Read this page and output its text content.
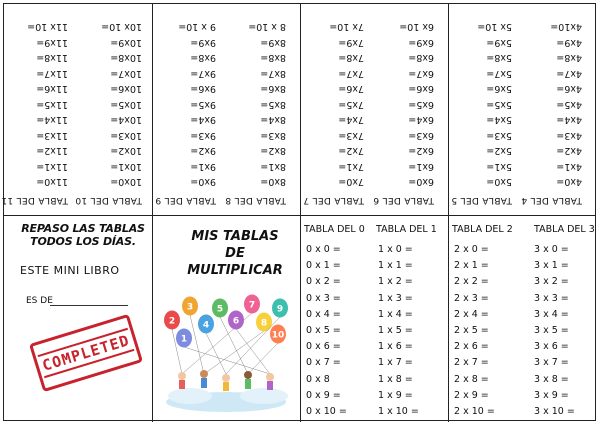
TABLA DEL 4
4x0=
4x1=
4x2=
4x3=
4x4=
4x5=
4x6=
4x7=
4x8=
4x9=
4x10=
TABLA DEL 5
5x0=
5x1=
5x2=
5x3=
5x4=
5x5=
5x6=
5x7=
5x8=
5x9=
5x 10=
TABLA DEL 6
6x0=
6x1=
6x2=
6x3=
6x4=
6x5=
6x6=
6x7=
6x8=
6x9=
6x 10=
TABLA DEL 7
7x0=
7x1=
7x2=
7x3=
7x4=
7x5=
7x6=
7x7=
7x8=
7x9=
7x 10=
TABLA DEL 8
8x0=
8x1=
8x2=
8x3=
8x4=
8x5=
8x6=
8x7=
8x8=
8x9=
8 x 10=
TABLA DEL 9
9x0=
9x1=
9x2=
9x3=
9x4=
9x5=
9x6=
9x7=
9x8=
9x9=
9 x 10=
TABLA DEL 10
10x0=
10x1=
10x2=
10x3=
10x4=
10x5=
10x6=
10x7=
10x8=
10x9=
10x 10=
TABLA DEL 11
11x0=
11x1=
11x2=
11x3=
11x4=
11x5=
11x6=
11x7=
11x8=
11x9=
11x 10=
REPASO LAS TABLAS
TODOS LOS DÍAS.
ESTE MINI LIBRO
ES DE
COMPLETED
MIS TABLAS
DE MULTIPLICAR
2
3
4
5
6
7
8
9
10
1
TABLA DEL 0 TABLA DEL 1
0 x 0 =
0 x 1 =
0 x 2 =
0 x 3 =
0 x 4 =
0 x 5 =
0 x 6 =
0 x 7 =
0 x 8
0 x 9 =
0 x 10 =
1 x 0 =
1 x 1 =
1 x 2 =
1 x 3 =
1 x 4 =
1 x 5 =
1 x 6 =
1 x 7 =
1 x 8 =
1 x 9 =
1 x 10 =
TABLA DEL 2 TABLA DEL 3
2 x 0 =
2 x 1 =
2 x 2 =
2 x 3 =
2 x 4 =
2 x 5 =
2 x 6 =
2 x 7 =
2 x 8 =
2 x 9 =
2 x 10 =
3 x 0 =
3 x 1 =
3 x 2 =
3 x 3 =
3 x 4 =
3 x 5 =
3 x 6 =
3 x 7 =
3 x 8 =
3 x 9 =
3 x 10 =
